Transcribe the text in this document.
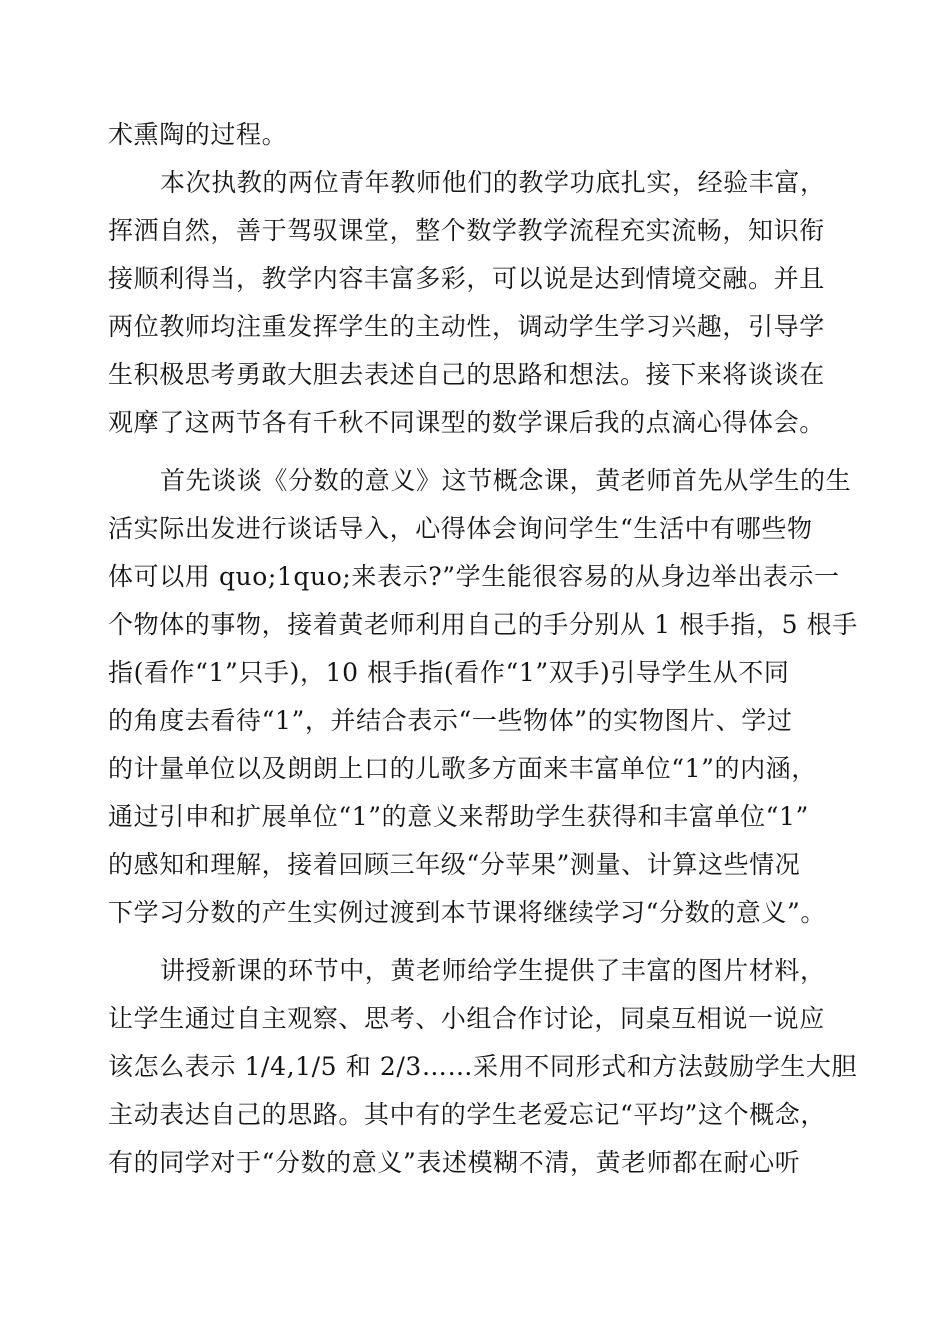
术熏陶的过程。
本次执教的两位青年教师他们的教学功底扎实，经验丰富，
挥洒自然，善于驾驭课堂，整个数学教学流程充实流畅，知识衔
接顺利得当，教学内容丰富多彩，可以说是达到情境交融。并且
两位教师均注重发挥学生的主动性，调动学生学习兴趣，引导学
生积极思考勇敢大胆去表述自己的思路和想法。接下来将谈谈在
观摩了这两节各有千秋不同课型的数学课后我的点滴心得体会。
首先谈谈《分数的意义》这节概念课，黄老师首先从学生的生
活实际出发进行谈话导入，心得体会询问学生“生活中有哪些物
体可以用 quo;1quo;来表示?”学生能很容易的从身边举出表示一
个物体的事物，接着黄老师利用自己的手分别从 1 根手指，5 根手
指(看作“1”只手)，10 根手指(看作“1”双手)引导学生从不同
的角度去看待“1”，并结合表示“一些物体”的实物图片、学过
的计量单位以及朗朗上口的儿歌多方面来丰富单位“1”的内涵，
通过引申和扩展单位“1”的意义来帮助学生获得和丰富单位“1”
的感知和理解，接着回顾三年级“分苹果”测量、计算这些情况
下学习分数的产生实例过渡到本节课将继续学习“分数的意义”。
讲授新课的环节中，黄老师给学生提供了丰富的图片材料，
让学生通过自主观察、思考、小组合作讨论，同桌互相说一说应
该怎么表示 1/4,1/5 和 2/3……采用不同形式和方法鼓励学生大胆
主动表达自己的思路。其中有的学生老爱忘记“平均”这个概念，
有的同学对于“分数的意义”表述模糊不清，黄老师都在耐心听
